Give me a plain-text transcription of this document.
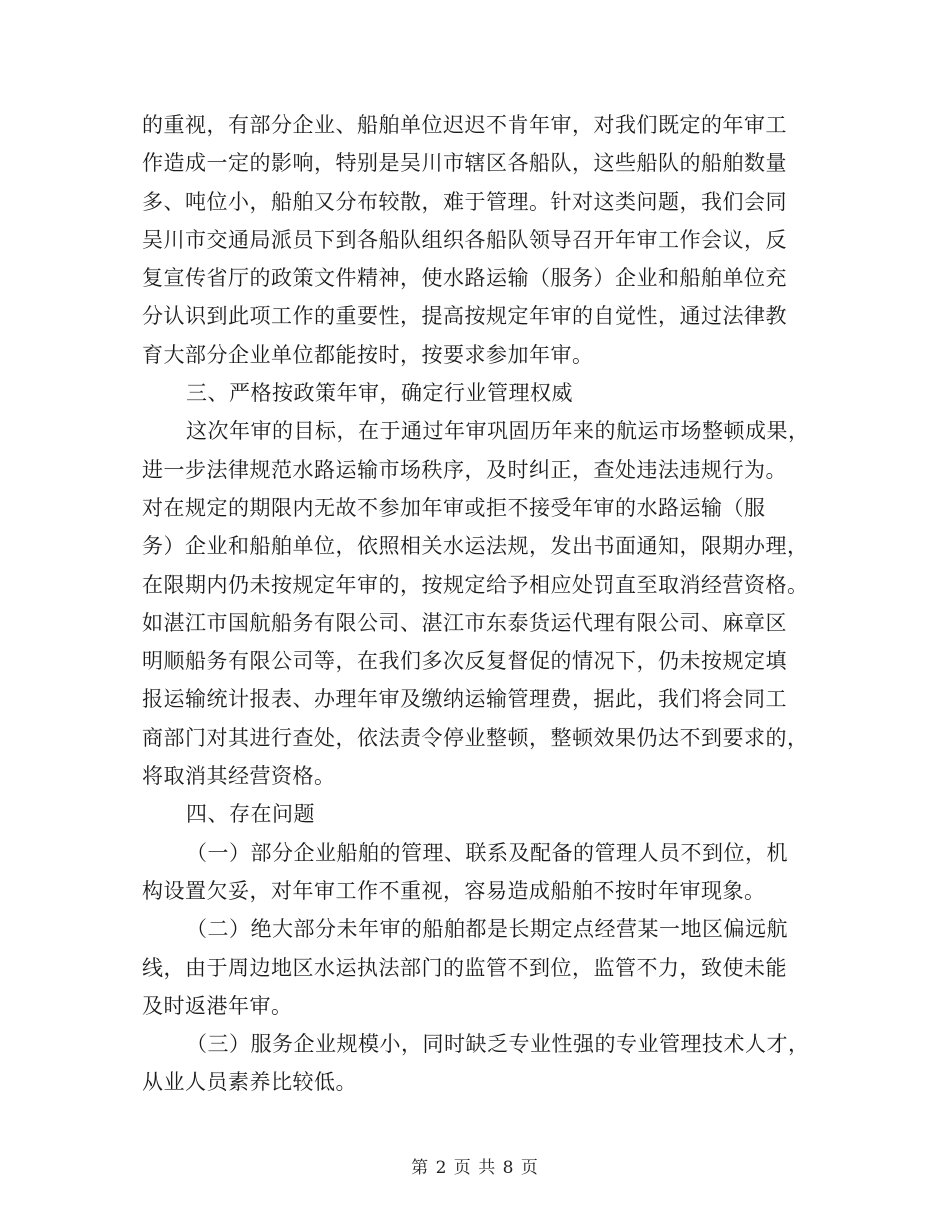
的重视，有部分企业、船舶单位迟迟不肯年审，对我们既定的年审工
作造成一定的影响，特别是吴川市辖区各船队，这些船队的船舶数量
多、吨位小，船舶又分布较散，难于管理。针对这类问题，我们会同
吴川市交通局派员下到各船队组织各船队领导召开年审工作会议，反
复宣传省厅的政策文件精神，使水路运输（服务）企业和船舶单位充
分认识到此项工作的重要性，提高按规定年审的自觉性，通过法律教
育大部分企业单位都能按时，按要求参加年审。
三、严格按政策年审，确定行业管理权威
这次年审的目标，在于通过年审巩固历年来的航运市场整顿成果，
进一步法律规范水路运输市场秩序，及时纠正，查处违法违规行为。
对在规定的期限内无故不参加年审或拒不接受年审的水路运输（服
务）企业和船舶单位，依照相关水运法规，发出书面通知，限期办理，
在限期内仍未按规定年审的，按规定给予相应处罚直至取消经营资格。
如湛江市国航船务有限公司、湛江市东泰货运代理有限公司、麻章区
明顺船务有限公司等，在我们多次反复督促的情况下，仍未按规定填
报运输统计报表、办理年审及缴纳运输管理费，据此，我们将会同工
商部门对其进行查处，依法责令停业整顿，整顿效果仍达不到要求的，
将取消其经营资格。
四、存在问题
（一）部分企业船舶的管理、联系及配备的管理人员不到位，机
构设置欠妥，对年审工作不重视，容易造成船舶不按时年审现象。
（二）绝大部分未年审的船舶都是长期定点经营某一地区偏远航
线，由于周边地区水运执法部门的监管不到位，监管不力，致使未能
及时返港年审。
（三）服务企业规模小，同时缺乏专业性强的专业管理技术人才，
从业人员素养比较低。
第 2 页 共 8 页
